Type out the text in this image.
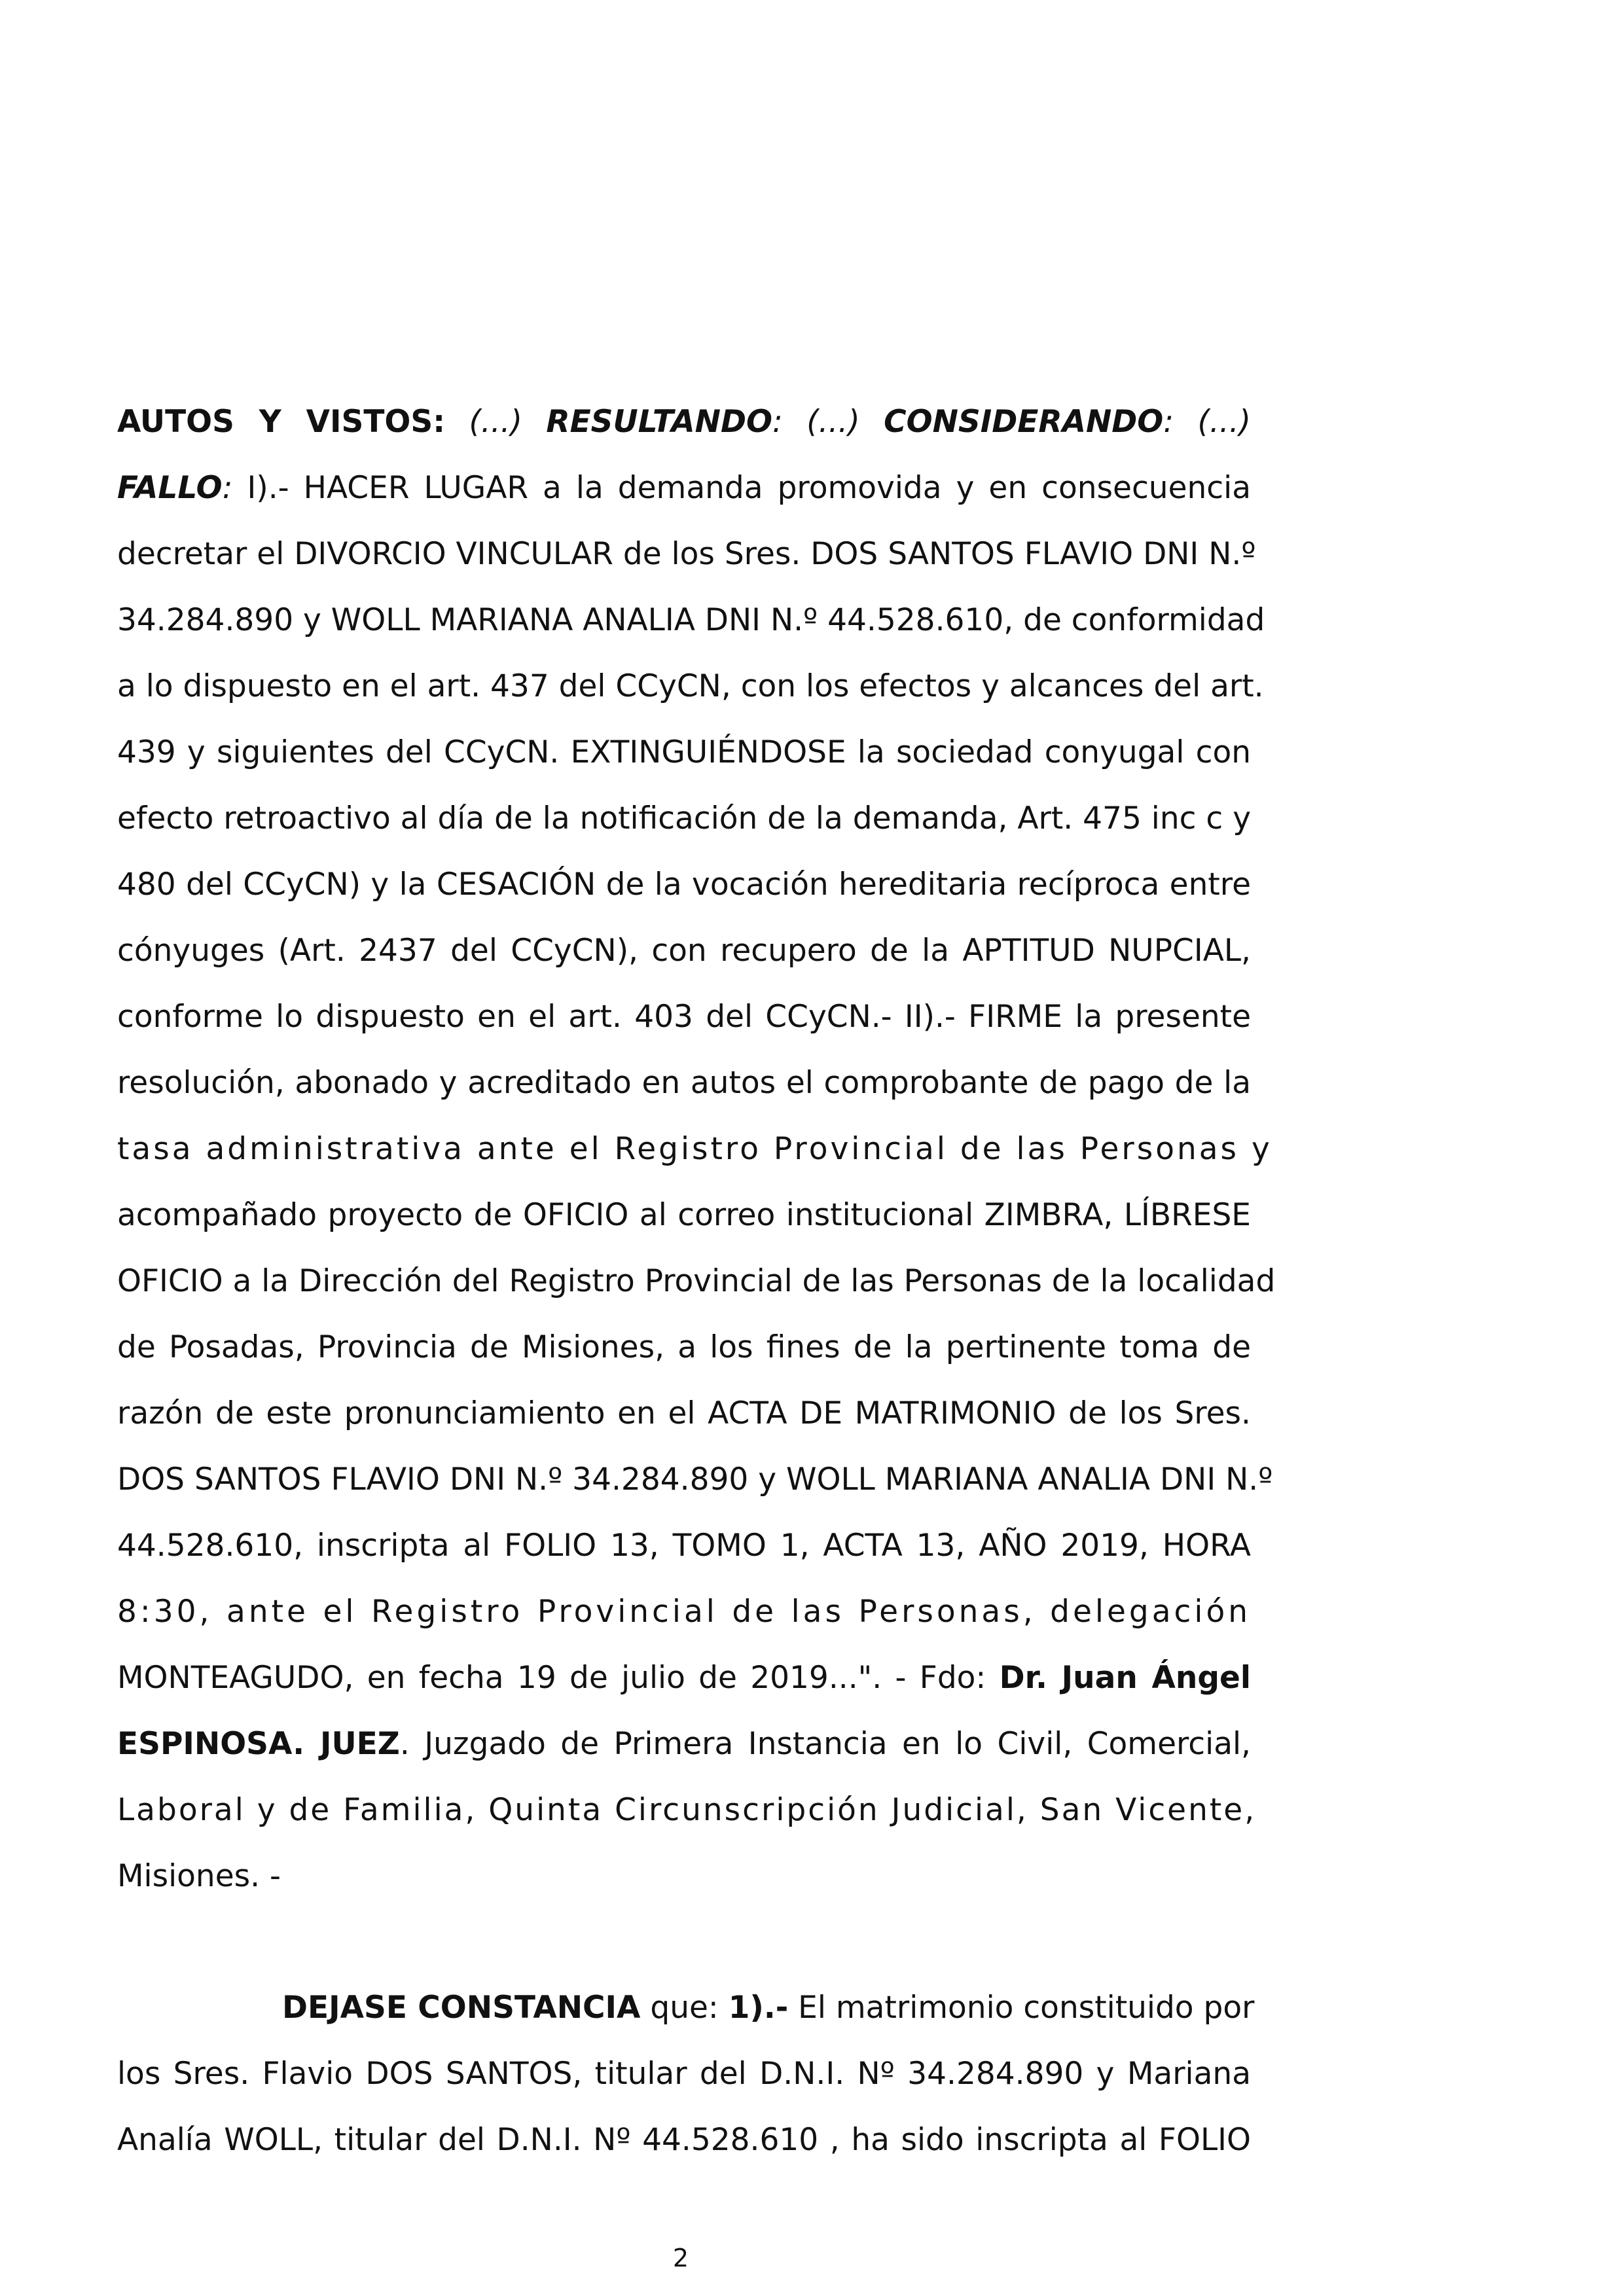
AUTOS Y VISTOS: (...) RESULTANDO: (...) CONSIDERANDO: (...)
FALLO: I).- HACER LUGAR a la demanda promovida y en consecuencia
decretar el DIVORCIO VINCULAR de los Sres. DOS SANTOS FLAVIO DNI N.º
34.284.890 y WOLL MARIANA ANALIA DNI N.º 44.528.610, de conformidad
a lo dispuesto en el art. 437 del CCyCN, con los efectos y alcances del art.
439 y siguientes del CCyCN. EXTINGUIÉNDOSE la sociedad conyugal con
efecto retroactivo al día de la notificación de la demanda, Art. 475 inc c y
480 del CCyCN) y la CESACIÓN de la vocación hereditaria recíproca entre
cónyuges (Art. 2437 del CCyCN), con recupero de la APTITUD NUPCIAL,
conforme lo dispuesto en el art. 403 del CCyCN.- II).- FIRME la presente
resolución, abonado y acreditado en autos el comprobante de pago de la
tasa administrativa ante el Registro Provincial de las Personas y
acompañado proyecto de OFICIO al correo institucional ZIMBRA, LÍBRESE
OFICIO a la Dirección del Registro Provincial de las Personas de la localidad
de Posadas, Provincia de Misiones, a los fines de la pertinente toma de
razón de este pronunciamiento en el ACTA DE MATRIMONIO de los Sres.
DOS SANTOS FLAVIO DNI N.º 34.284.890 y WOLL MARIANA ANALIA DNI N.º
44.528.610, inscripta al FOLIO 13, TOMO 1, ACTA 13, AÑO 2019, HORA
8:30, ante el Registro Provincial de las Personas, delegación
MONTEAGUDO, en fecha 19 de julio de 2019...". - Fdo: Dr. Juan Ángel
ESPINOSA. JUEZ. Juzgado de Primera Instancia en lo Civil, Comercial,
Laboral y de Familia, Quinta Circunscripción Judicial, San Vicente,
Misiones. -
DEJASE CONSTANCIA que: 1).- El matrimonio constituido por
los Sres. Flavio DOS SANTOS, titular del D.N.I. Nº 34.284.890 y Mariana
Analía WOLL, titular del D.N.I. Nº 44.528.610 , ha sido inscripta al FOLIO
2
